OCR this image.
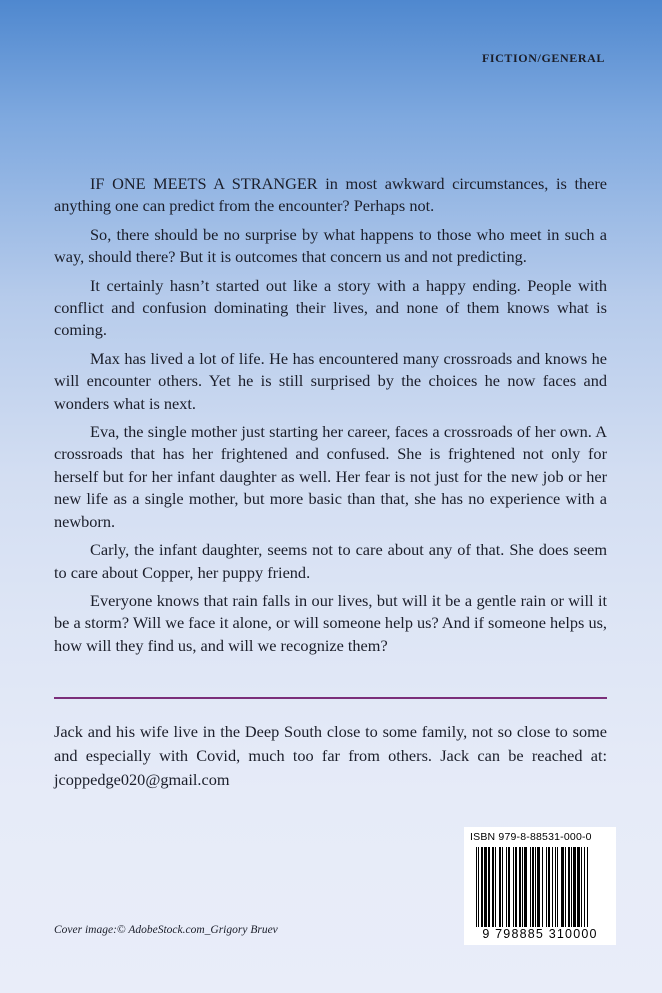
FICTION/GENERAL

IF ONE MEETS A STRANGER in most awkward circumstances, is there anything one can predict from the encounter? Perhaps not.

So, there should be no surprise by what happens to those who meet in such a way, should there? But it is outcomes that concern us and not predicting.

It certainly hasn’t started out like a story with a happy ending. People with conflict and confusion dominating their lives, and none of them knows what is coming.

Max has lived a lot of life. He has encountered many crossroads and knows he will encounter others. Yet he is still surprised by the choices he now faces and wonders what is next.

Eva, the single mother just starting her career, faces a crossroads of her own. A crossroads that has her frightened and confused. She is frightened not only for herself but for her infant daughter as well. Her fear is not just for the new job or her new life as a single mother, but more basic than that, she has no experience with a newborn.

Carly, the infant daughter, seems not to care about any of that. She does seem to care about Copper, her puppy friend.

Everyone knows that rain falls in our lives, but will it be a gentle rain or will it be a storm? Will we face it alone, or will someone help us? And if someone helps us, how will they find us, and will we recognize them?

Jack and his wife live in the Deep South close to some family, not so close to some and especially with Covid, much too far from others. Jack can be reached at: jcoppedge020@gmail.com

Cover image:© AdobeStock.com_Grigory Bruev
ISBN 979-8-88531-000-0
9 798885 310000
